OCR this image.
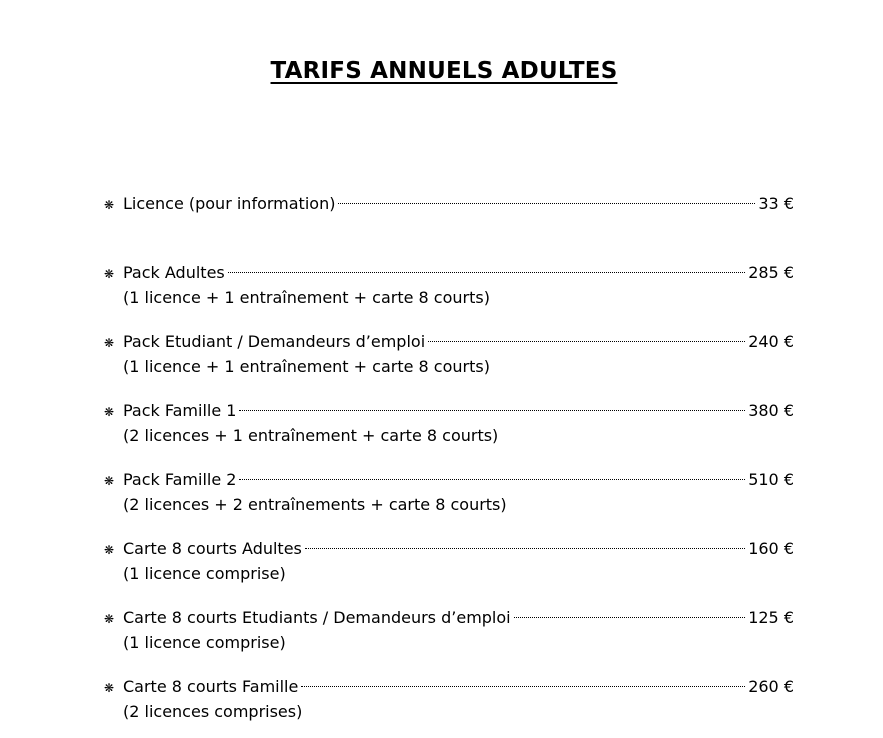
TARIFS ANNUELS ADULTES
❋ Licence (pour information)	33 €
❋ Pack Adultes	285 €
(1 licence + 1 entraînement + carte 8 courts)
❋ Pack Etudiant / Demandeurs d’emploi	240 €
(1 licence + 1 entraînement + carte 8 courts)
❋ Pack Famille 1	380 €
(2 licences + 1 entraînement + carte 8 courts)
❋ Pack Famille 2	510 €
(2 licences + 2 entraînements + carte 8 courts)
❋ Carte 8 courts Adultes	160 €
(1 licence comprise)
❋ Carte 8 courts Etudiants / Demandeurs d’emploi	125 €
(1 licence comprise)
❋ Carte 8 courts Famille	260 €
(2 licences comprises)
